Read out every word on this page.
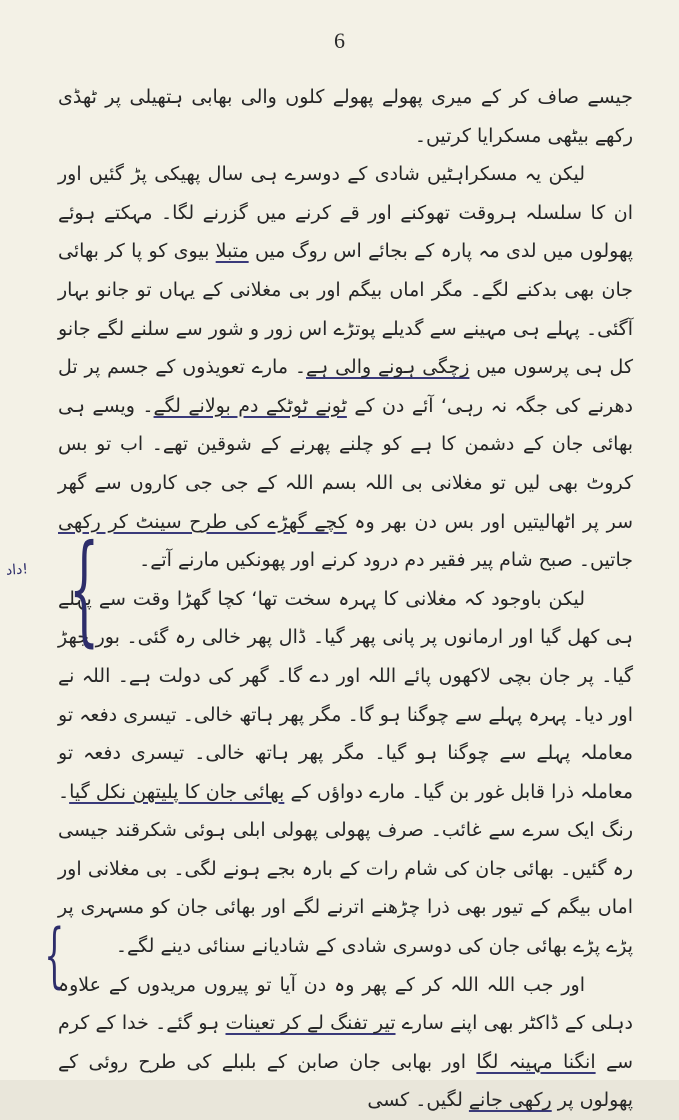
6

جیسے صاف کر کے میری پھولے پھولے کلوں والی بھابی ہتھیلی پر ٹھڈی رکھے بیٹھی مسکرایا کرتیں۔

لیکن یہ مسکراہٹیں شادی کے دوسرے ہی سال پھیکی پڑ گئیں اور ان کا سلسلہ ہروقت تھوکنے اور قے کرنے میں گزرنے لگا۔ مہکتے ہوئے پھولوں میں لدی مہ پارہ کے بجائے اس روگ میں متبلا بیوی کو پا کر بھائی جان بھی بدکنے لگے۔ مگر اماں بیگم اور بی مغلانی کے یہاں تو جانو بہار آگئی۔ پہلے ہی مہینے سے گدیلے پوتڑے اس زور و شور سے سلنے لگے جانو کل ہی پرسوں میں زچگی ہونے والی ہے۔ مارے تعویذوں کے جسم پر تل دھرنے کی جگہ نہ رہی‘ آئے دن کے ٹونے ٹوٹکے دم بولانے لگے۔ ویسے ہی بھائی جان کے دشمن کا ہے کو چلنے پھرنے کے شوقین تھے۔ اب تو بس کروٹ بھی لیں تو مغلانی بی اللہ بسم اللہ کے جی جی کاروں سے گھر سر پر اٹھالیتیں اور بس دن بھر وہ کچے گھڑے کی طرح سینٹ کر رکھی جاتیں۔ صبح شام پیر فقیر دم درود کرنے اور پھونکیں مارنے آتے۔

لیکن باوجود کہ مغلانی کا پہرہ سخت تھا‘ کچا گھڑا وقت سے پہلے ہی کھل گیا اور ارمانوں پر پانی پھر گیا۔ ڈال پھر خالی رہ گئی۔ بور جھڑ گیا۔ پر جان بچی لاکھوں پائے اللہ اور دے گا۔ گھر کی دولت ہے۔ اللہ نے اور دیا۔ پہرہ پہلے سے چوگنا ہو گا۔ مگر پھر ہاتھ خالی۔ تیسری دفعہ تو معاملہ پہلے سے چوگنا ہو گیا۔ مگر پھر ہاتھ خالی۔ تیسری دفعہ تو معاملہ ذرا قابل غور بن گیا۔ مارے دواؤں کے بھائی جان کا پلیتھن نکل گیا۔ رنگ ایک سرے سے غائب۔ صرف پھولی پھولی ابلی ہوئی شکرقند جیسی رہ گئیں۔ بھائی جان کی شام رات کے بارہ بجے ہونے لگی۔ بی مغلانی اور اماں بیگم کے تیور بھی ذرا چڑھنے اترنے لگے اور بھائی جان کو مسہری پر پڑے پڑے بھائی جان کی دوسری شادی کے شادیانے سنائی دینے لگے۔

اور جب اللہ اللہ کر کے پھر وہ دن آیا تو پیروں مریدوں کے علاوہ دہلی کے ڈاکٹر بھی اپنے سارے تیر تفنگ لے کر تعینات ہو گئے۔ خدا کے کرم سے انگنا مہینہ لگا اور بھابی جان صابن کے بلبلے کی طرح روئی کے پھولوں پر رکھی جانے لگیں۔ کسی

داد! {
{
